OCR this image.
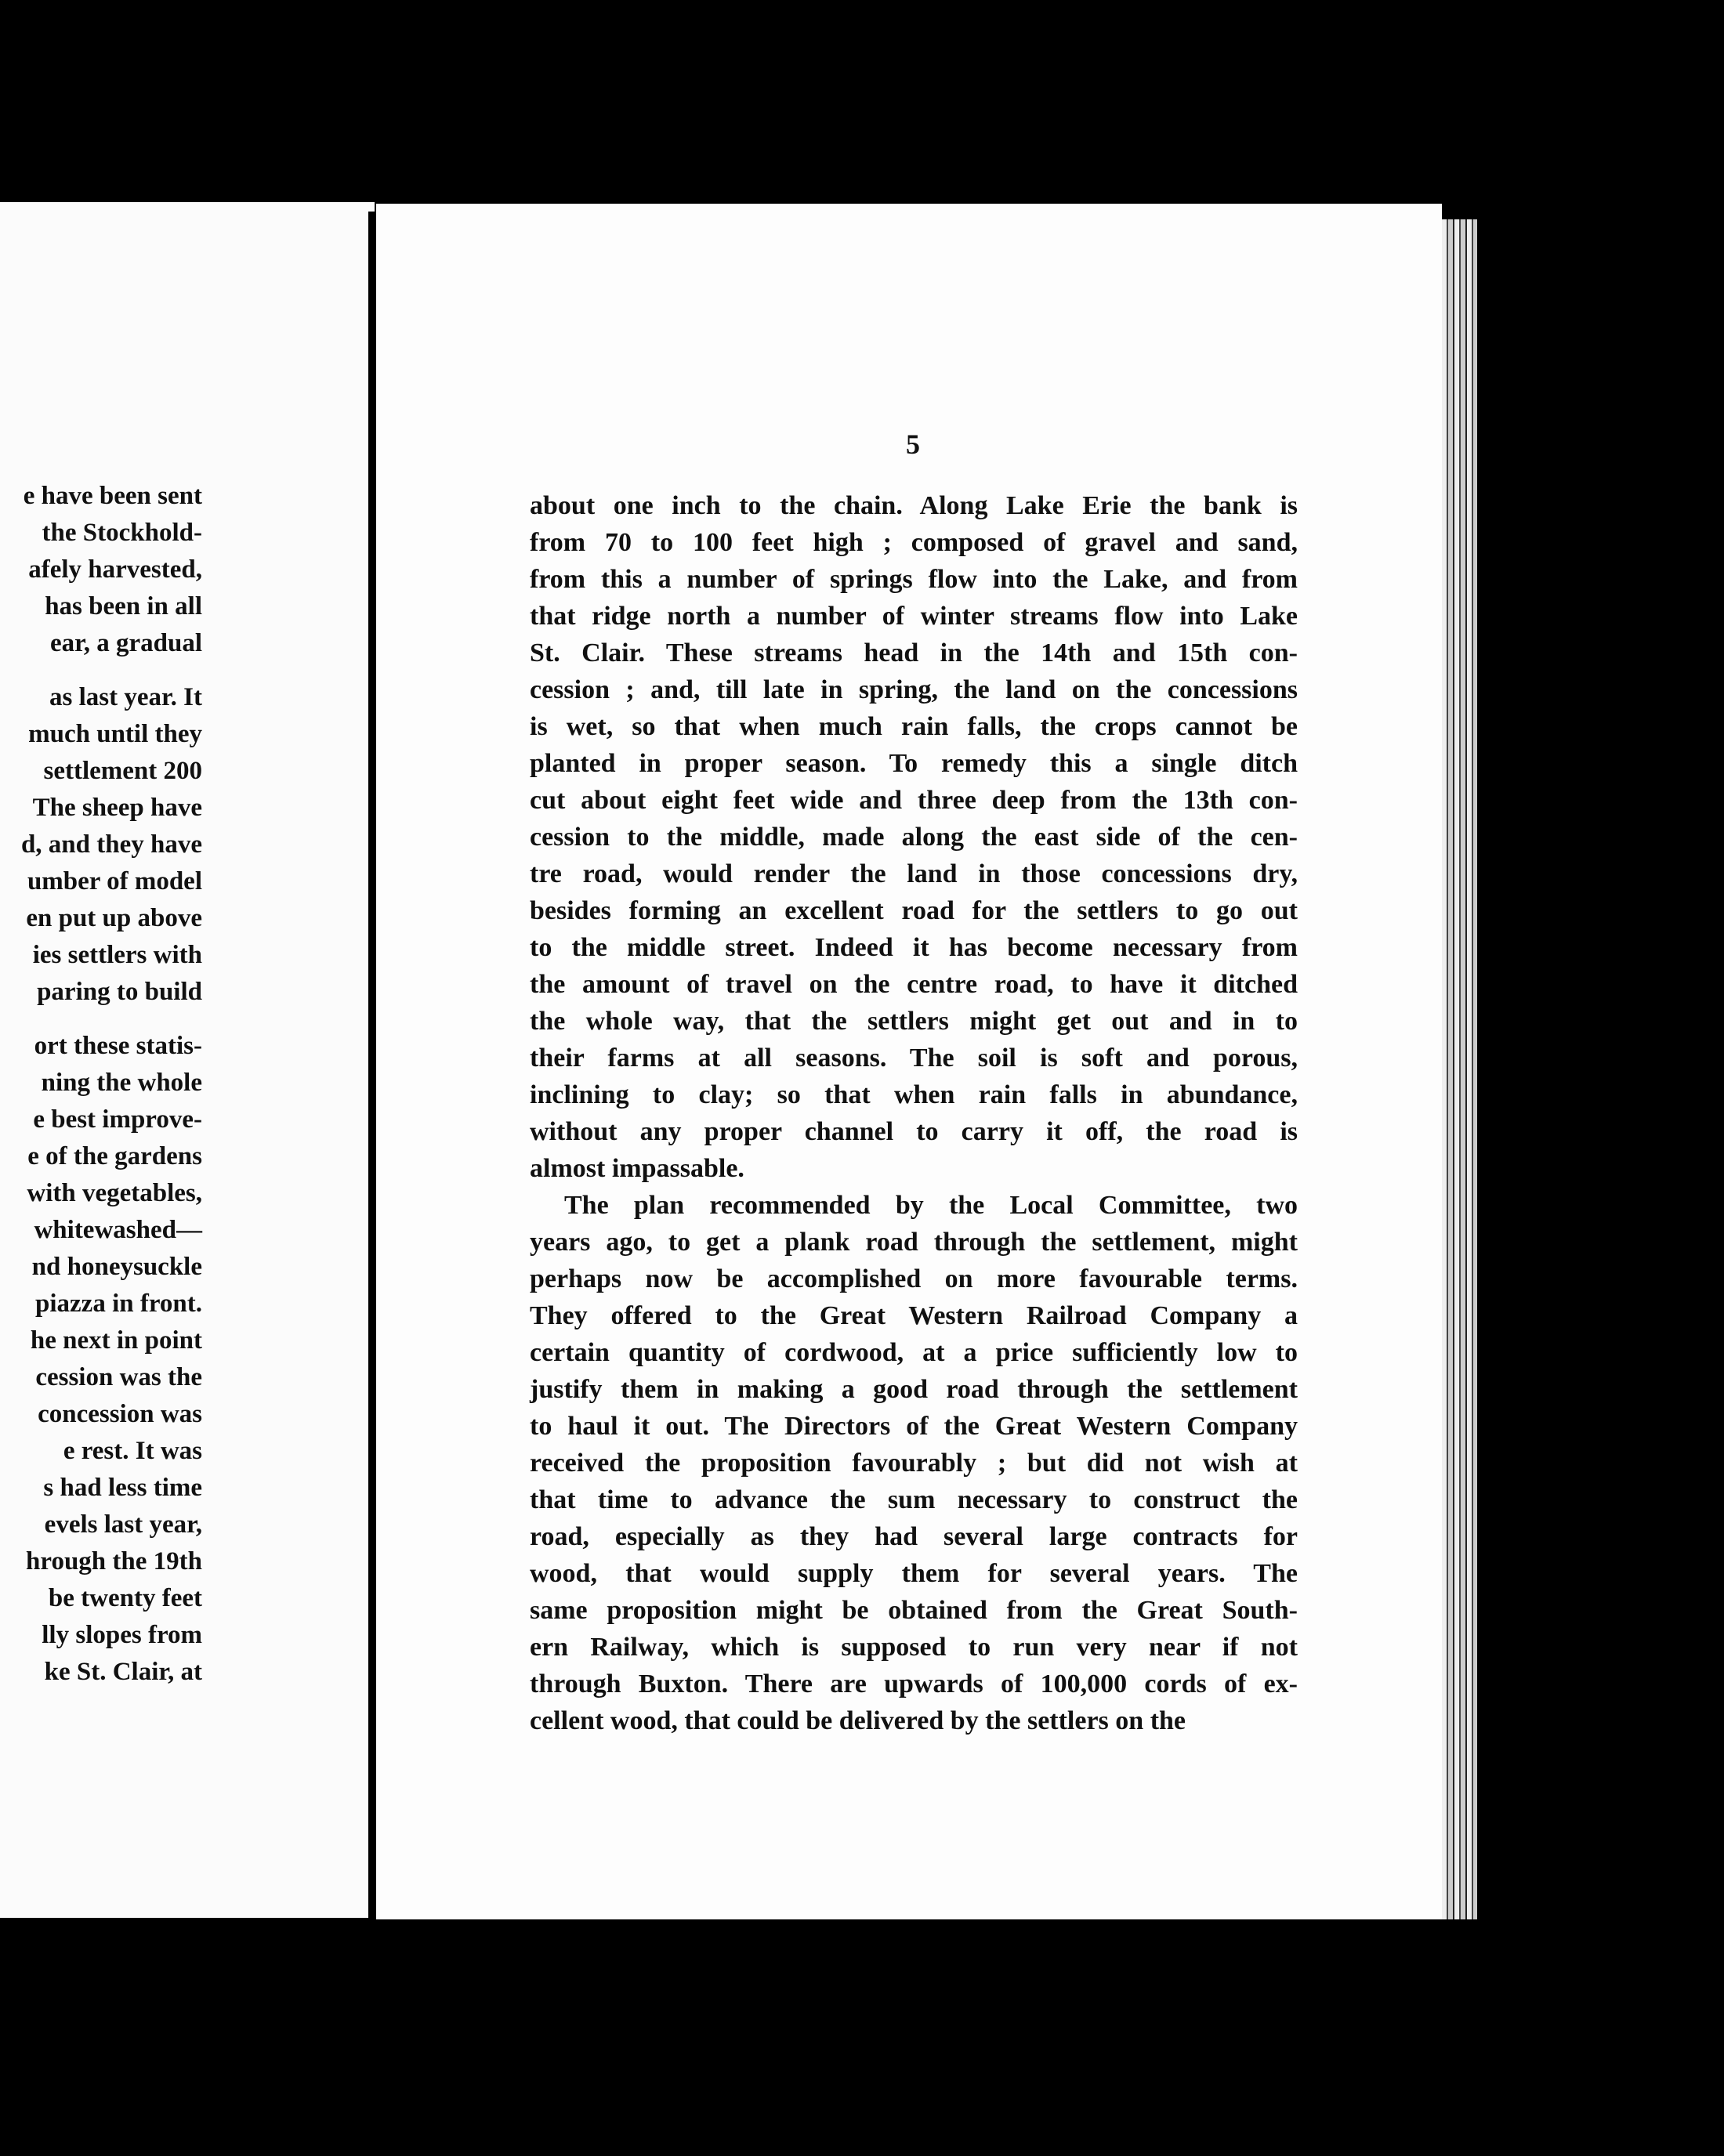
e have been sent
the Stockhold-
afely harvested,
has been in all
ear, a gradual
as last year. It
much until they
settlement 200
The sheep have
d, and they have
umber of model
en put up above
ies settlers with
paring to build
ort these statis-
ning the whole
e best improve-
e of the gardens
with vegetables,
whitewashed—
nd honeysuckle
piazza in front.
he next in point
cession was the
concession was
e rest. It was
s had less time
evels last year,
hrough the 19th
be twenty feet
lly slopes from
ke St. Clair, at
5
about one inch to the chain. Along Lake Erie the bank is
from 70 to 100 feet high ; composed of gravel and sand,
from this a number of springs flow into the Lake, and from
that ridge north a number of winter streams flow into Lake
St. Clair. These streams head in the 14th and 15th con-
cession ; and, till late in spring, the land on the concessions
is wet, so that when much rain falls, the crops cannot be
planted in proper season. To remedy this a single ditch
cut about eight feet wide and three deep from the 13th con-
cession to the middle, made along the east side of the cen-
tre road, would render the land in those concessions dry,
besides forming an excellent road for the settlers to go out
to the middle street. Indeed it has become necessary from
the amount of travel on the centre road, to have it ditched
the whole way, that the settlers might get out and in to
their farms at all seasons. The soil is soft and porous,
inclining to clay; so that when rain falls in abundance,
without any proper channel to carry it off, the road is
almost impassable.
The plan recommended by the Local Committee, two
years ago, to get a plank road through the settlement, might
perhaps now be accomplished on more favourable terms.
They offered to the Great Western Railroad Company a
certain quantity of cordwood, at a price sufficiently low to
justify them in making a good road through the settlement
to haul it out. The Directors of the Great Western Company
received the proposition favourably ; but did not wish at
that time to advance the sum necessary to construct the
road, especially as they had several large contracts for
wood, that would supply them for several years. The
same proposition might be obtained from the Great South-
ern Railway, which is supposed to run very near if not
through Buxton. There are upwards of 100,000 cords of ex-
cellent wood, that could be delivered by the settlers on the
